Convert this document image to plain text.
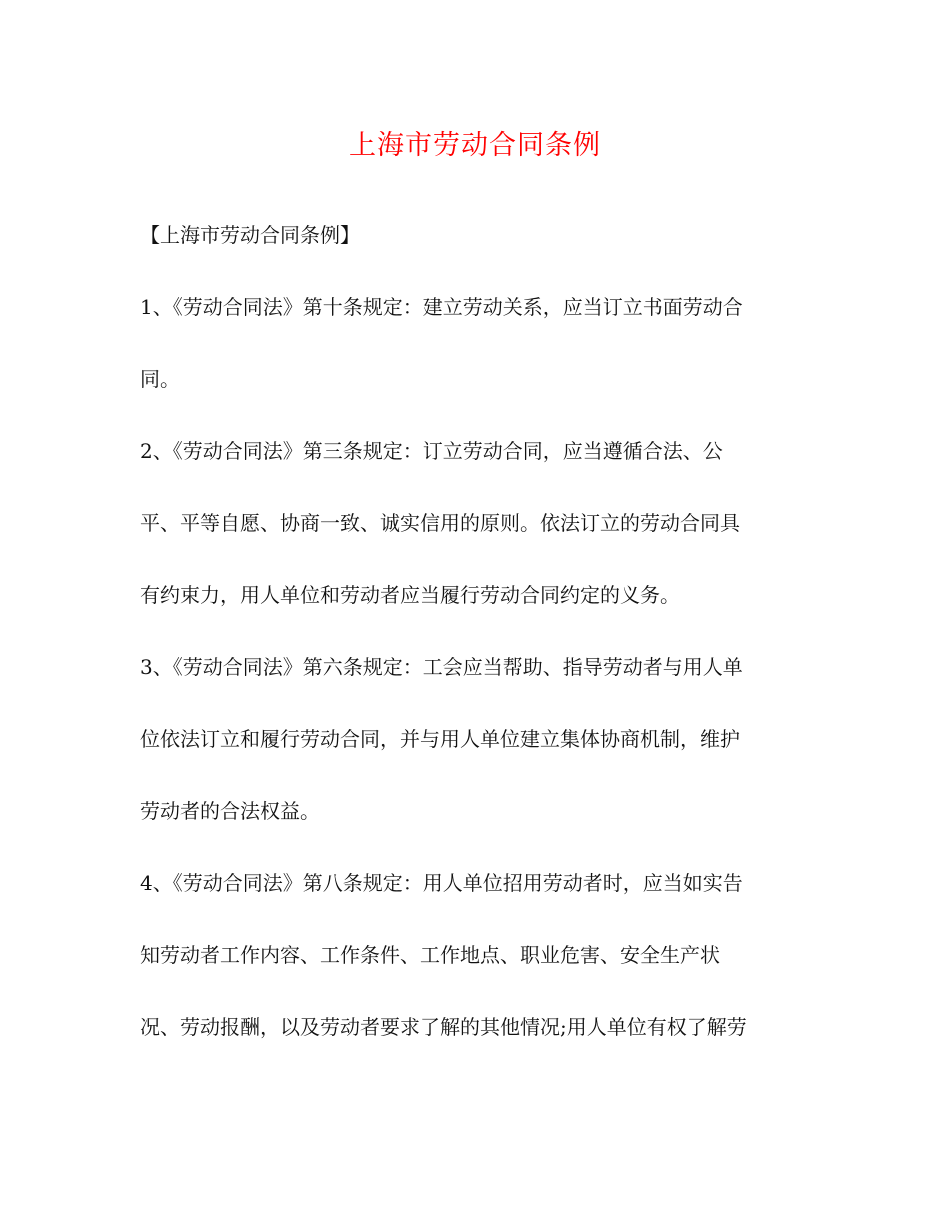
上海市劳动合同条例
【上海市劳动合同条例】
1、《劳动合同法》第十条规定：建立劳动关系，应当订立书面劳动合
同。
2、《劳动合同法》第三条规定：订立劳动合同，应当遵循合法、公
平、平等自愿、协商一致、诚实信用的原则。依法订立的劳动合同具
有约束力，用人单位和劳动者应当履行劳动合同约定的义务。
3、《劳动合同法》第六条规定：工会应当帮助、指导劳动者与用人单
位依法订立和履行劳动合同，并与用人单位建立集体协商机制，维护
劳动者的合法权益。
4、《劳动合同法》第八条规定：用人单位招用劳动者时，应当如实告
知劳动者工作内容、工作条件、工作地点、职业危害、安全生产状
况、劳动报酬，以及劳动者要求了解的其他情况;用人单位有权了解劳
